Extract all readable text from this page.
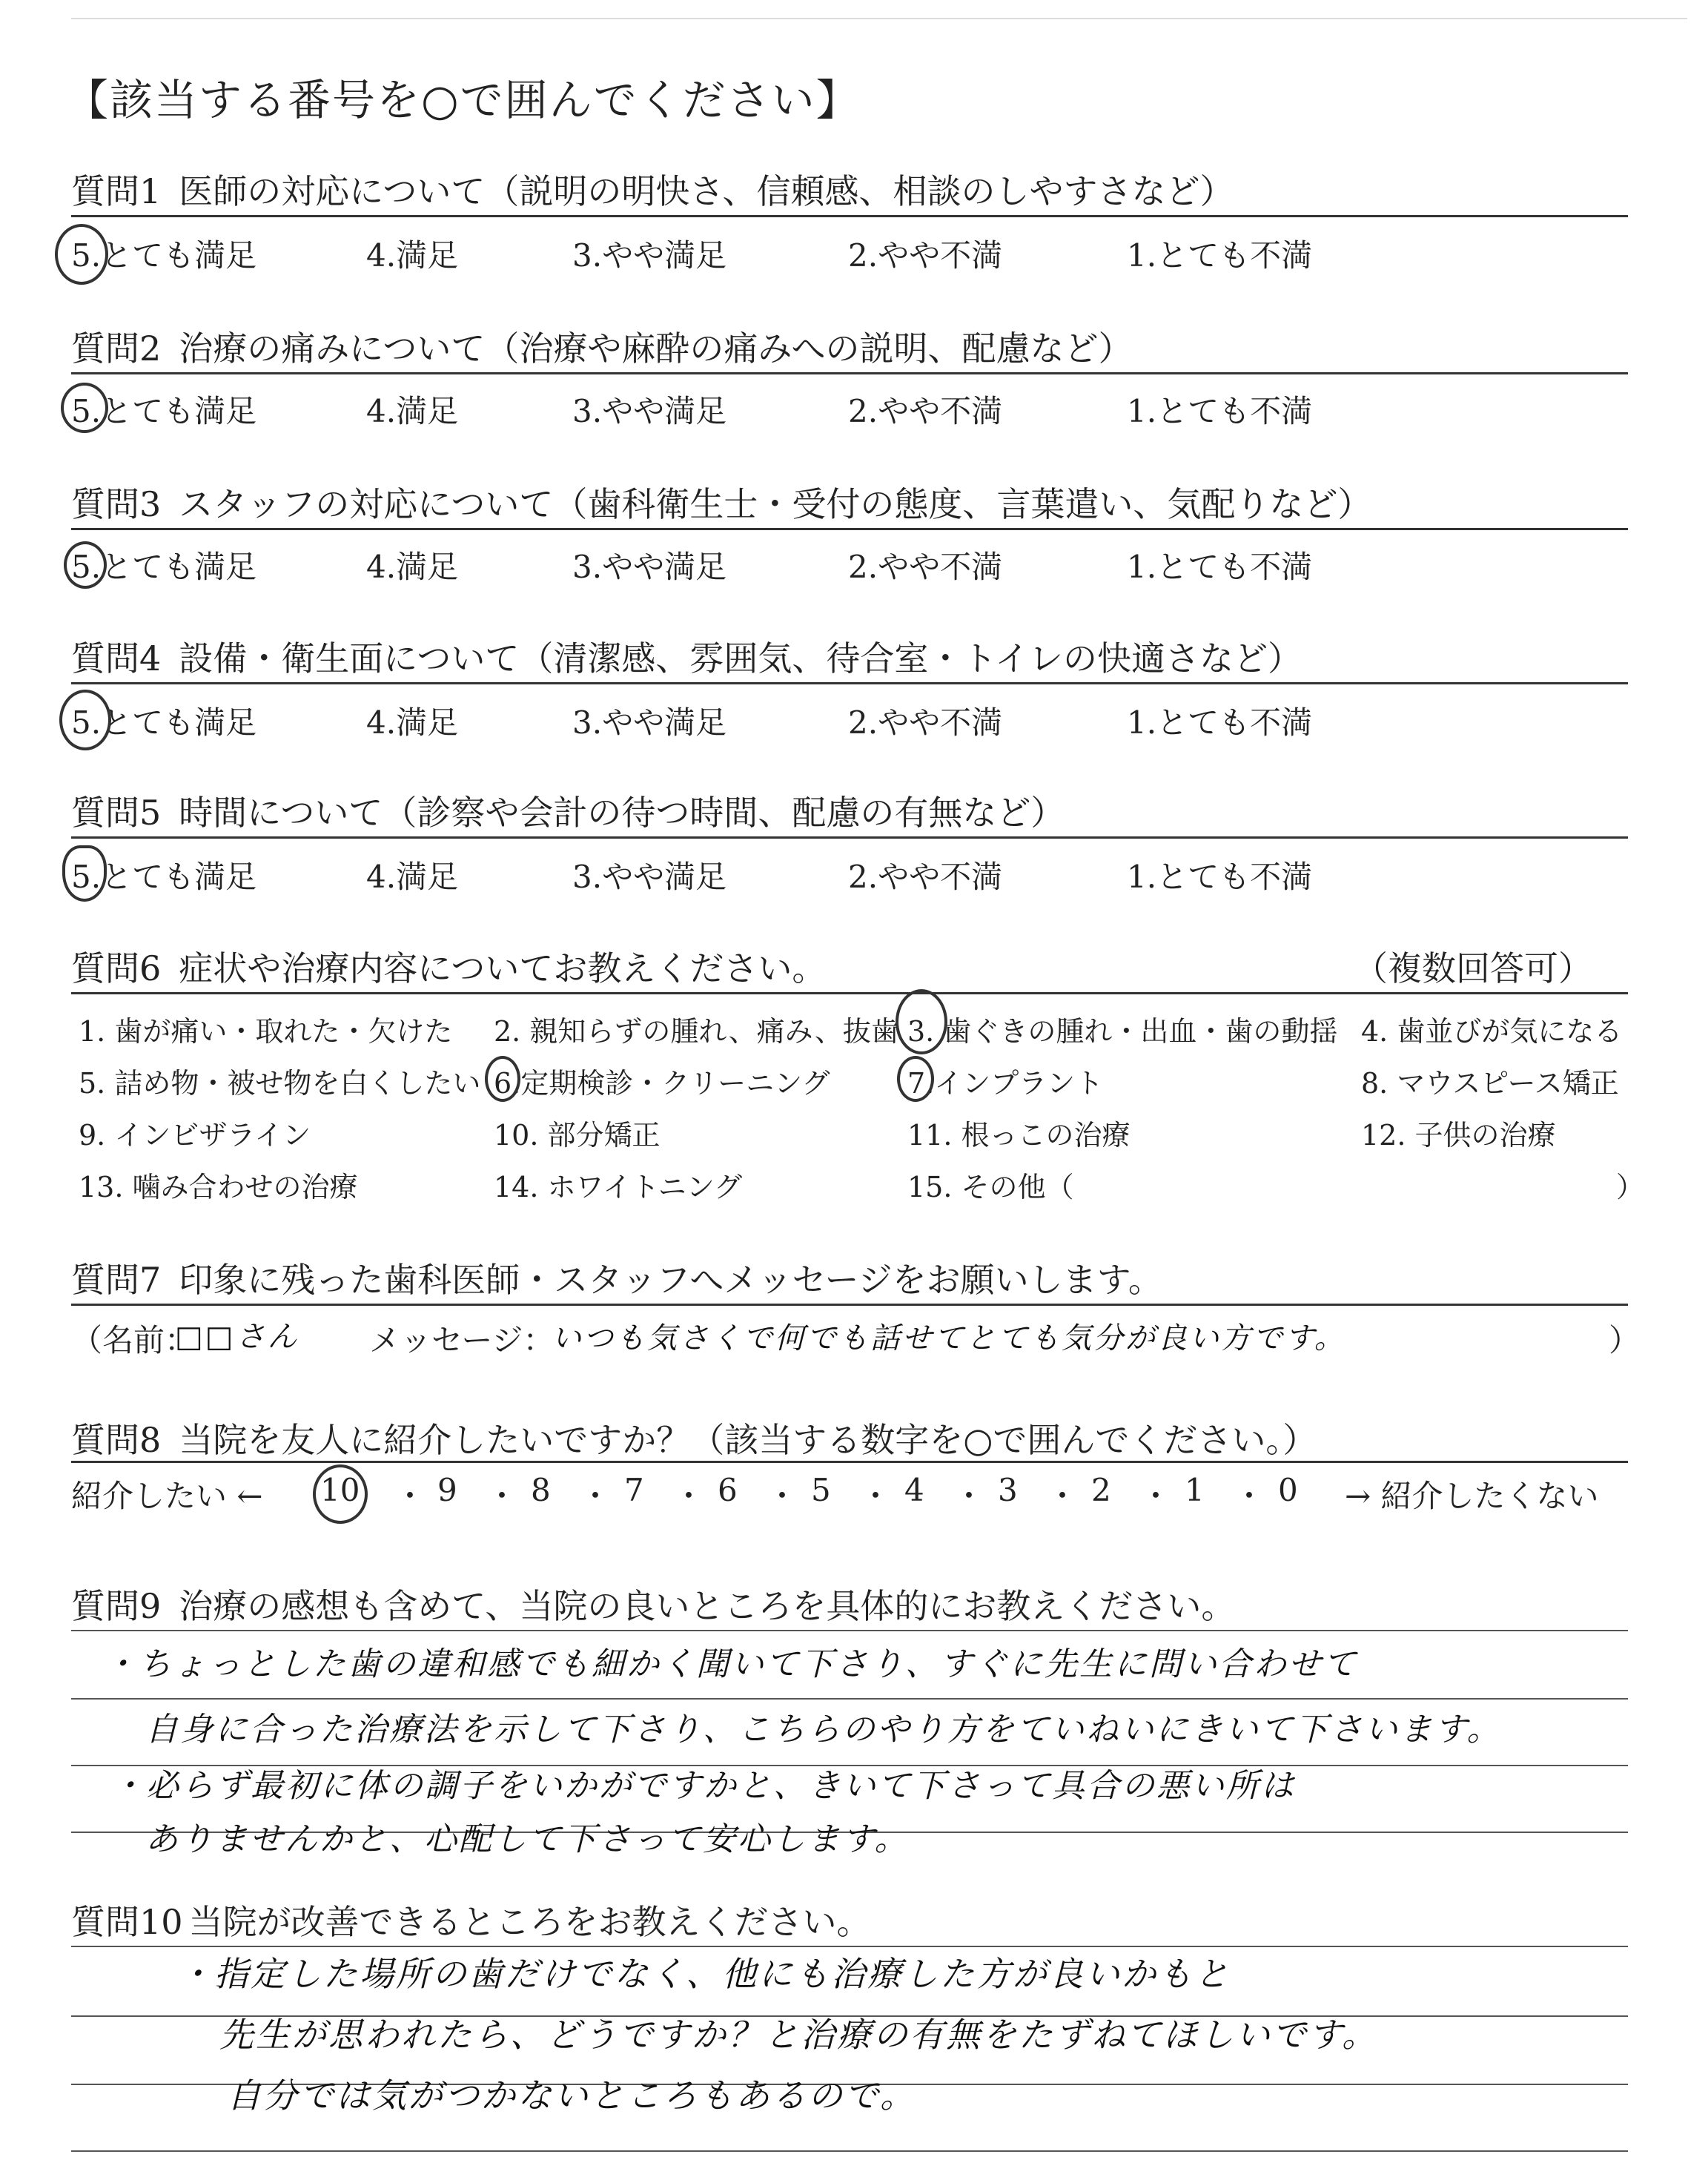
【該当する番号を○で囲んでください】
質問1 医師の対応について（説明の明快さ、信頼感、相談のしやすさなど）
5.とても満足	4.満足	3.やや満足	2.やや不満	1.とても不満
質問2 治療の痛みについて（治療や麻酔の痛みへの説明、配慮など）
5.とても満足	4.満足	3.やや満足	2.やや不満	1.とても不満
質問3 スタッフの対応について（歯科衛生士・受付の態度、言葉遣い、気配りなど）
5.とても満足	4.満足	3.やや満足	2.やや不満	1.とても不満
質問4 設備・衛生面について（清潔感、雰囲気、待合室・トイレの快適さなど）
5.とても満足	4.満足	3.やや満足	2.やや不満	1.とても不満
質問5 時間について（診察や会計の待つ時間、配慮の有無など）
5.とても満足	4.満足	3.やや満足	2.やや不満	1.とても不満
質問6 症状や治療内容についてお教えください。	（複数回答可）
1. 歯が痛い・取れた・欠けた 2. 親知らずの腫れ、痛み、抜歯 3. 歯ぐきの腫れ・出血・歯の動揺 4. 歯並びが気になる
5. 詰め物・被せ物を白くしたい 6.定期検診・クリーニング	7.インプラント	8. マウスピース矯正
9. インビザライン	10. 部分矯正	11. 根っこの治療	12. 子供の治療
13. 噛み合わせの治療	14. ホワイトニング	15. その他（	）
質問7 印象に残った歯科医師・スタッフへメッセージをお願いします。
（名前：
□□さん メッセージ：
いつも気さくで何でも話せてとても気分が良い方です。	）
質問8 当院を友人に紹介したいですか？（該当する数字を○で囲んでください。）
紹介したい ← 10 ・ 9 ・ 8 ・ 7 ・ 6 ・ 5 ・ 4 ・ 3 ・ 2 ・ 1 ・ 0 → 紹介したくない
質問9 治療の感想も含めて、当院の良いところを具体的にお教えください。
・ちょっとした歯の違和感でも細かく聞いて下さり、すぐに先生に問い合わせて
自身に合った治療法を示して下さり、こちらのやり方をていねいにきいて下さいます。
・必らず最初に体の調子をいかがですかと、きいて下さって具合の悪い所は
ありませんかと、心配して下さって安心します。
質問10 当院が改善できるところをお教えください。
・指定した場所の歯だけでなく、他にも治療した方が良いかもと
先生が思われたら、どうですか？と治療の有無をたずねてほしいです。
自分では気がつかないところもあるので。
